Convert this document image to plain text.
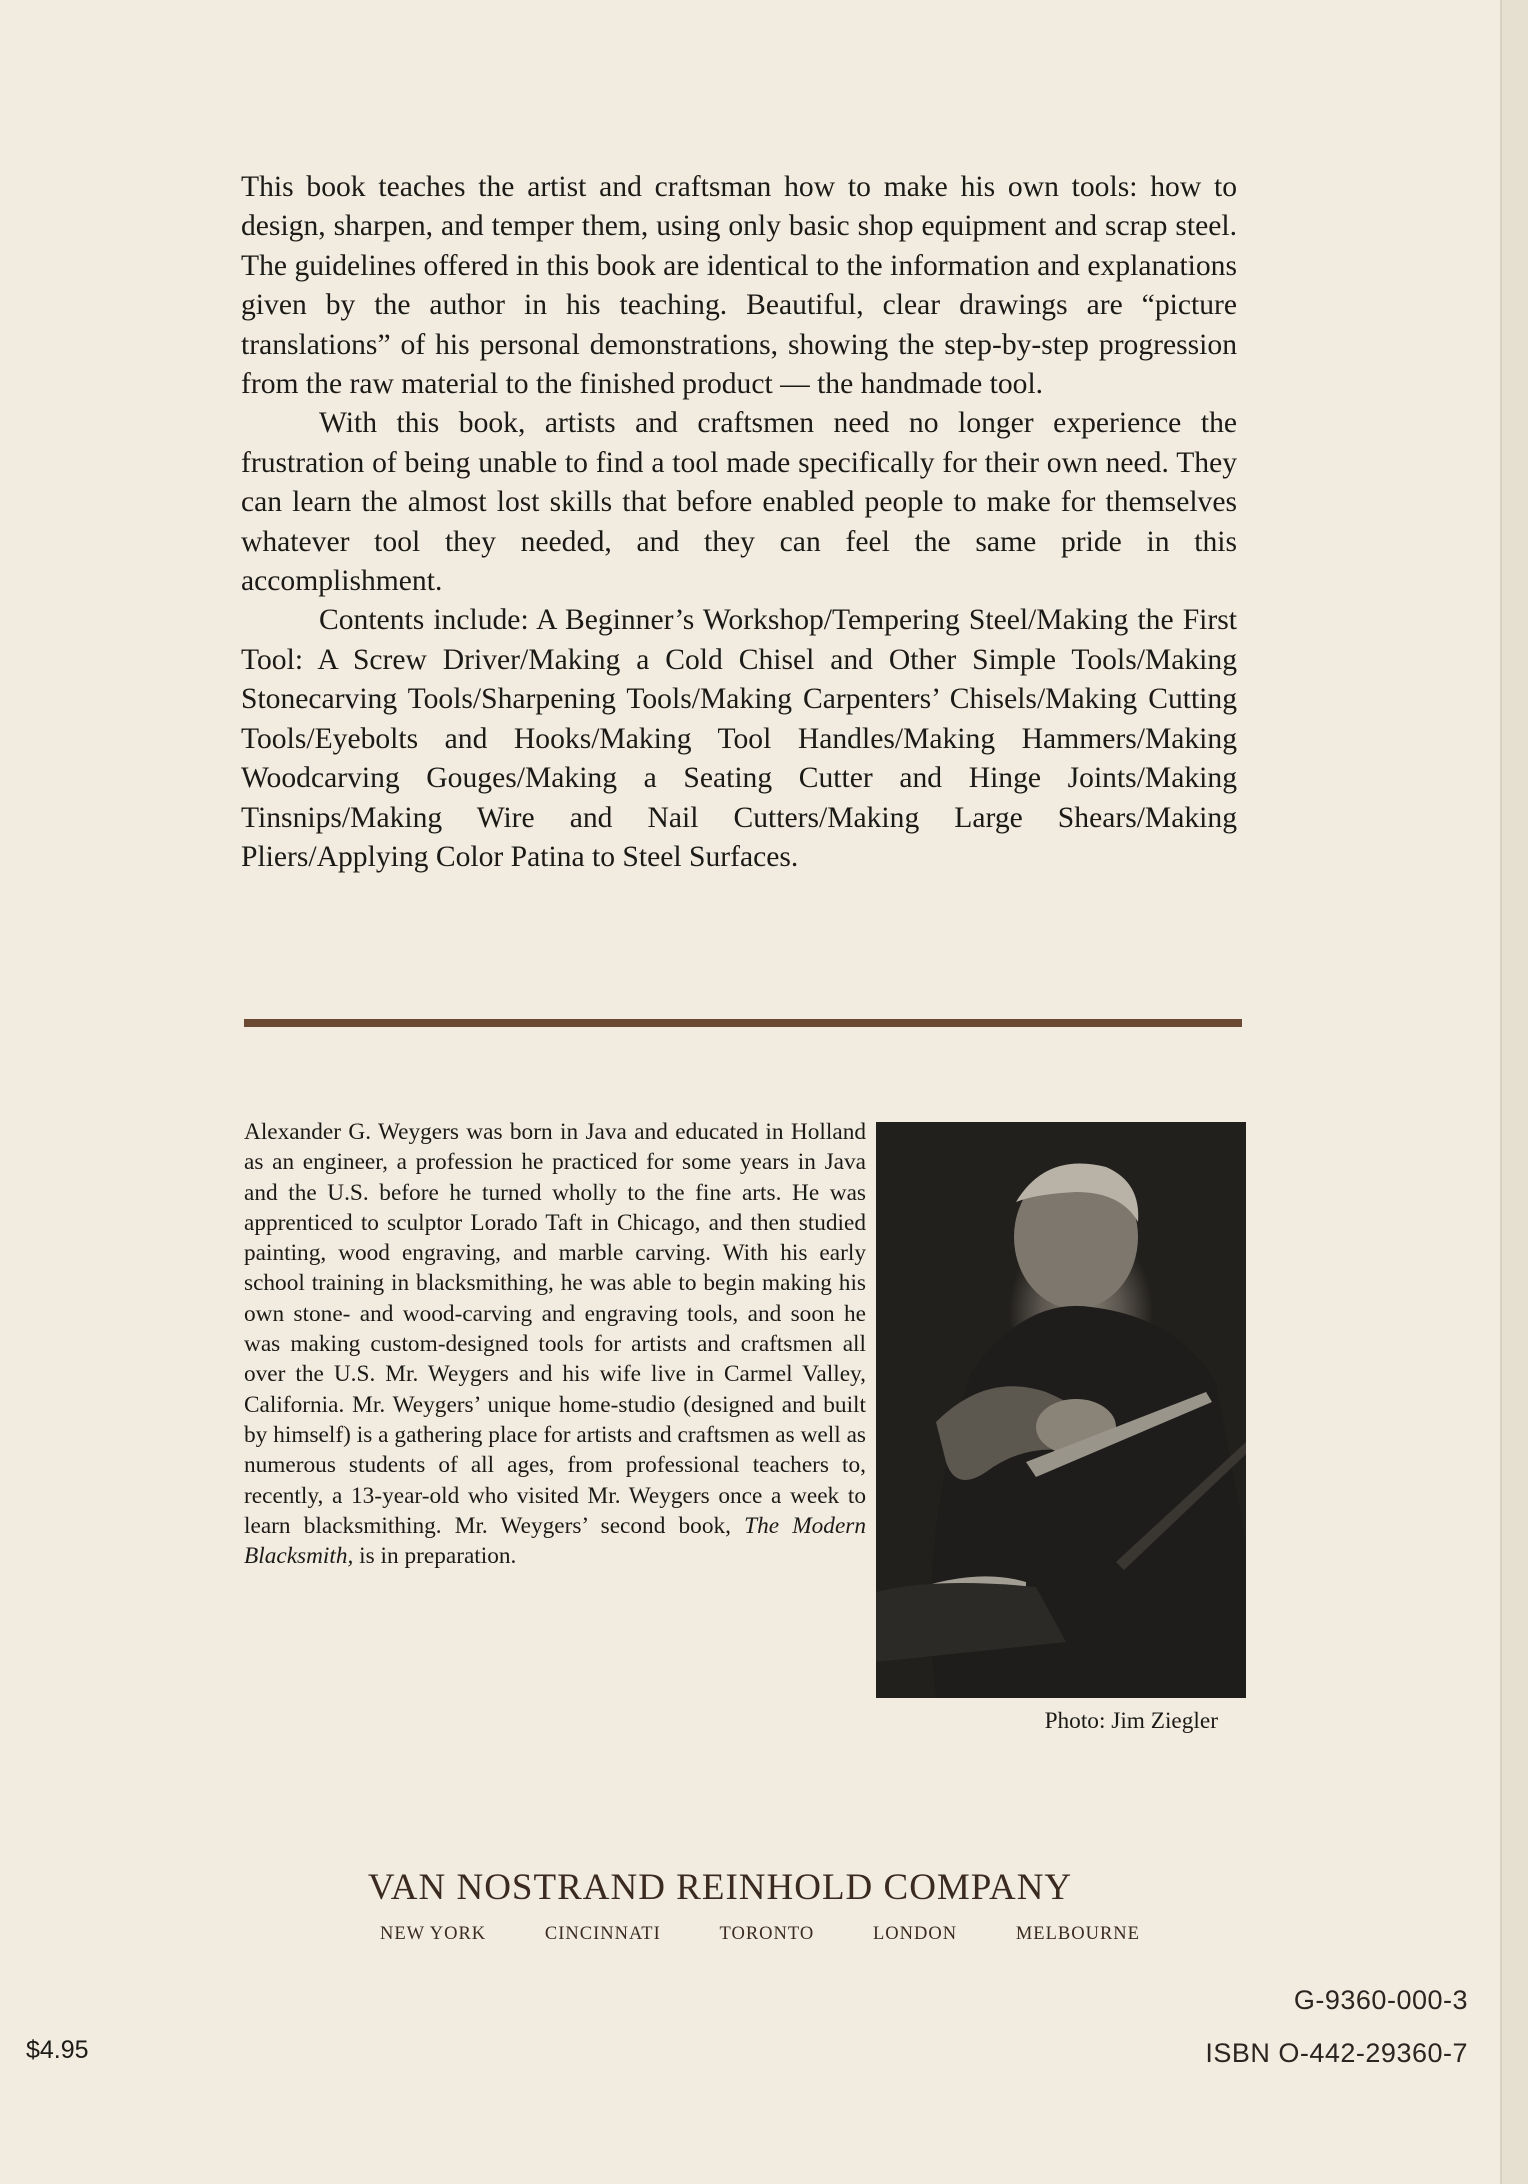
This book teaches the artist and craftsman how to make his own tools: how to design, sharpen, and temper them, using only basic shop equipment and scrap steel. The guidelines offered in this book are identical to the information and explanations given by the author in his teaching. Beautiful, clear drawings are “picture translations” of his personal demonstrations, showing the step-by-step progression from the raw material to the finished product — the handmade tool.

With this book, artists and craftsmen need no longer experience the frustration of being unable to find a tool made specifically for their own need. They can learn the almost lost skills that before enabled people to make for themselves whatever tool they needed, and they can feel the same pride in this accomplishment.

Contents include: A Beginner’s Workshop/Tempering Steel/Making the First Tool: A Screw Driver/Making a Cold Chisel and Other Simple Tools/Making Stonecarving Tools/Sharpening Tools/Making Carpenters’ Chisels/Making Cutting Tools/Eyebolts and Hooks/Making Tool Handles/Making Hammers/Making Woodcarving Gouges/Making a Seating Cutter and Hinge Joints/Making Tinsnips/Making Wire and Nail Cutters/Making Large Shears/Making Pliers/Applying Color Patina to Steel Surfaces.

Alexander G. Weygers was born in Java and educated in Holland as an engineer, a profession he practiced for some years in Java and the U.S. before he turned wholly to the fine arts. He was apprenticed to sculptor Lorado Taft in Chicago, and then studied painting, wood engraving, and marble carving. With his early school training in blacksmithing, he was able to begin making his own stone- and wood-carving and engraving tools, and soon he was making custom-designed tools for artists and craftsmen all over the U.S. Mr. Weygers and his wife live in Carmel Valley, California. Mr. Weygers’ unique home-studio (designed and built by himself) is a gathering place for artists and craftsmen as well as numerous students of all ages, from professional teachers to, recently, a 13-year-old who visited Mr. Weygers once a week to learn blacksmithing. Mr. Weygers’ second book, The Modern Blacksmith, is in preparation.
Photo: Jim Ziegler
VAN NOSTRAND REINHOLD COMPANY
NEW YORK	CINCINNATI	TORONTO	LONDON	MELBOURNE
$4.95
G-9360-000-3
ISBN O-442-29360-7
